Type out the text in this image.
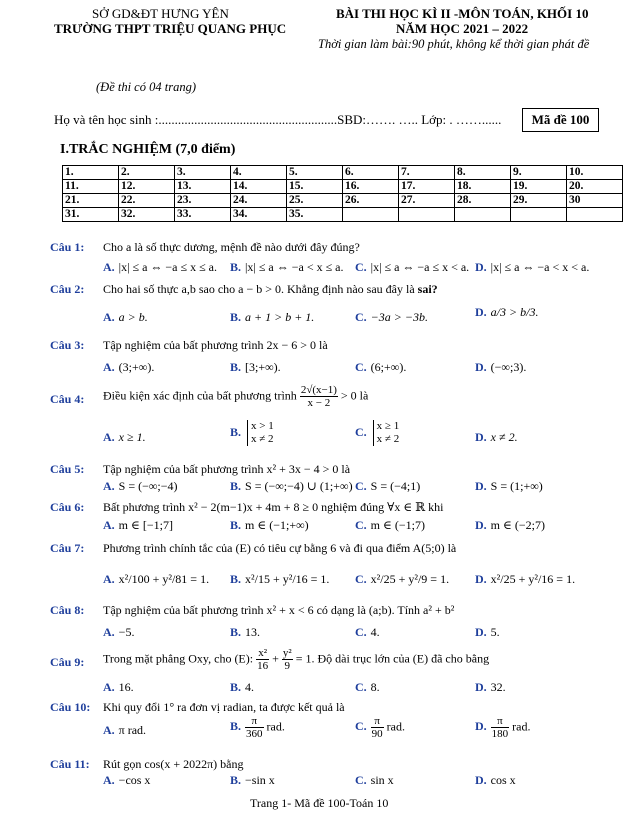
SỞ GD&ĐT HƯNG YÊN
TRƯỜNG THPT TRIỆU QUANG PHỤC
(Đề thi có 04 trang)
BÀI THI HỌC KÌ II -MÔN TOÁN, KHỐI 10
NĂM HỌC 2021 – 2022
Thời gian làm bài:90 phút, không kể thời gian phát đề
Họ và tên học sinh :.......................................................SBD:……. ….. Lớp: . ……......	Mã đề 100
I.TRẮC NGHIỆM (7,0 điểm)
1.	2.	3.	4.	5.	6.	7.	8.	9.	10.
11.	12.	13.	14.	15.	16.	17.	18.	19.	20.
21.	22.	23.	24.	25.	26.	27.	28.	29.	30
31.	32.	33.	34.	35.					
Câu 1: Cho a là số thực dương, mệnh đề nào dưới đây đúng?
A. |x| ≤ a ⇔ −a ≤ x ≤ a. B. |x| ≤ a ⇔ −a < x ≤ a. C. |x| ≤ a ⇔ −a ≤ x < a. D. |x| ≤ a ⇔ −a < x < a.
Câu 2: Cho hai số thực a,b sao cho a − b > 0. Khẳng định nào sau đây là sai?
A. a > b.	B. a + 1 > b + 1.	C. −3a > −3b.	D. a/3 > b/3.
Câu 3: Tập nghiệm của bất phương trình 2x − 6 > 0 là
A. (3;+∞).	B. [3;+∞).	C. (6;+∞).	D. (−∞;3).
Câu 4: Điều kiện xác định của bất phương trình $\frac{2√(x-1)}{x - 2} > 0$ là
A. x ≥ 1.	B. x > 1
x ≠ 2
C. x ≥ 1
x ≠ 2	D. x ≠ 2.
Câu 5: Tập nghiệm của bất phương trình x² + 3x − 4 > 0 là
A. S = (−∞;−4)	B. S = (−∞;−4) ∪ (1;+∞) C. S = (−4;1)	D. S = (1;+∞)
Câu 6: Bất phương trình x² − 2(m−1)x + 4m + 8 ≥ 0 nghiệm đúng ∀x ∈ ℝ khi
A. m ∈ [−1;7]	B. m ∈ (−1;+∞)	C. m ∈ (−1;7)	D. m ∈ (−2;7)
Câu 7: Phương trình chính tắc của (E) có tiêu cự bằng 6 và đi qua điểm A(5;0) là
A. x²/100 + y²/81 = 1. B. x²/15 + y²/16 = 1. C. x²/25 + y²/9 = 1. D. x²/25 + y²/16 = 1.
Câu 8: Tập nghiệm của bất phương trình x² + x < 6 có dạng là (a;b). Tính a² + b²
A. −5.	B. 13.	C. 4.	D. 5.
Câu 9: Trong mặt phẳng Oxy, cho (E): $\frac{\text{x²}}{16} + \frac{\text{y²}}{9} = 1$. Độ dài trục lớn của (E) đã cho bằng
A. 16.	B. 4.	C. 8.	D. 32.
Câu 10: Khi quy đổi 1° ra đơn vị radian, ta được kết quả là
A. π rad.	B. $\frac{\pi}{360}$ rad.	C. $\frac{\pi}{90}$ rad.	D. $\frac{\pi}{180}$ rad.
Câu 11: Rút gọn cos(x + 2022π) bằng
A. −cos x	B. −sin x	C. sin x	D. cos x
Trang 1- Mã đề 100-Toán 10
